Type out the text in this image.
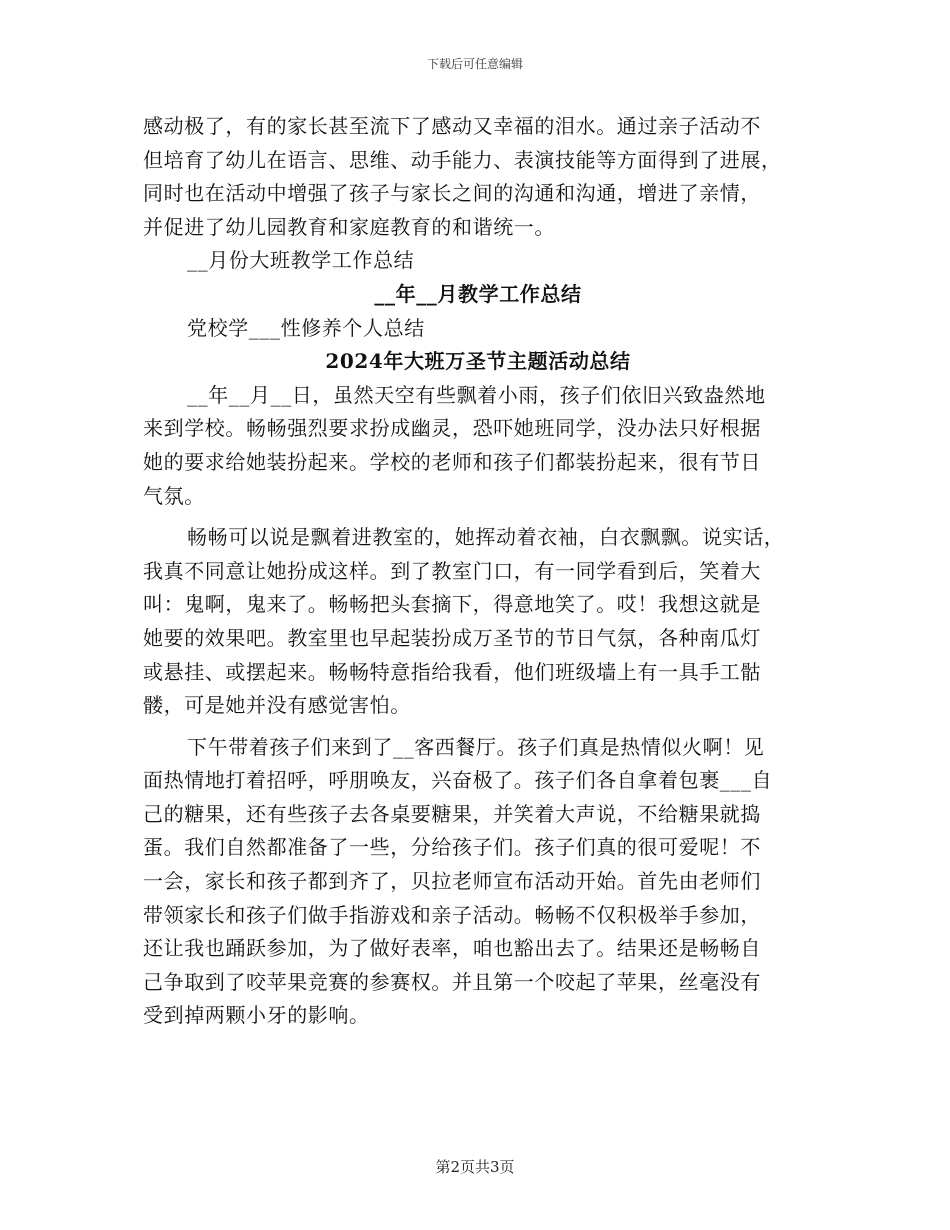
下载后可任意编辑
感动极了，有的家长甚至流下了感动又幸福的泪水。通过亲子活动不
但培育了幼儿在语言、思维、动手能力、表演技能等方面得到了进展，
同时也在活动中增强了孩子与家长之间的沟通和沟通，增进了亲情，
并促进了幼儿园教育和家庭教育的和谐统一。
__月份大班教学工作总结
__年__月教学工作总结
党校学___性修养个人总结
2024年大班万圣节主题活动总结
__年__月__日，虽然天空有些飘着小雨，孩子们依旧兴致盎然地
来到学校。畅畅强烈要求扮成幽灵，恐吓她班同学，没办法只好根据
她的要求给她装扮起来。学校的老师和孩子们都装扮起来，很有节日
气氛。
畅畅可以说是飘着进教室的，她挥动着衣袖，白衣飘飘。说实话，
我真不同意让她扮成这样。到了教室门口，有一同学看到后，笑着大
叫：鬼啊，鬼来了。畅畅把头套摘下，得意地笑了。哎！我想这就是
她要的效果吧。教室里也早起装扮成万圣节的节日气氛，各种南瓜灯
或悬挂、或摆起来。畅畅特意指给我看，他们班级墙上有一具手工骷
髅，可是她并没有感觉害怕。
下午带着孩子们来到了__客西餐厅。孩子们真是热情似火啊！见
面热情地打着招呼，呼朋唤友，兴奋极了。孩子们各自拿着包裹___自
己的糖果，还有些孩子去各桌要糖果，并笑着大声说，不给糖果就捣
蛋。我们自然都准备了一些，分给孩子们。孩子们真的很可爱呢！不
一会，家长和孩子都到齐了，贝拉老师宣布活动开始。首先由老师们
带领家长和孩子们做手指游戏和亲子活动。畅畅不仅积极举手参加，
还让我也踊跃参加，为了做好表率，咱也豁出去了。结果还是畅畅自
己争取到了咬苹果竞赛的参赛权。并且第一个咬起了苹果，丝毫没有
受到掉两颗小牙的影响。
第2页共3页
